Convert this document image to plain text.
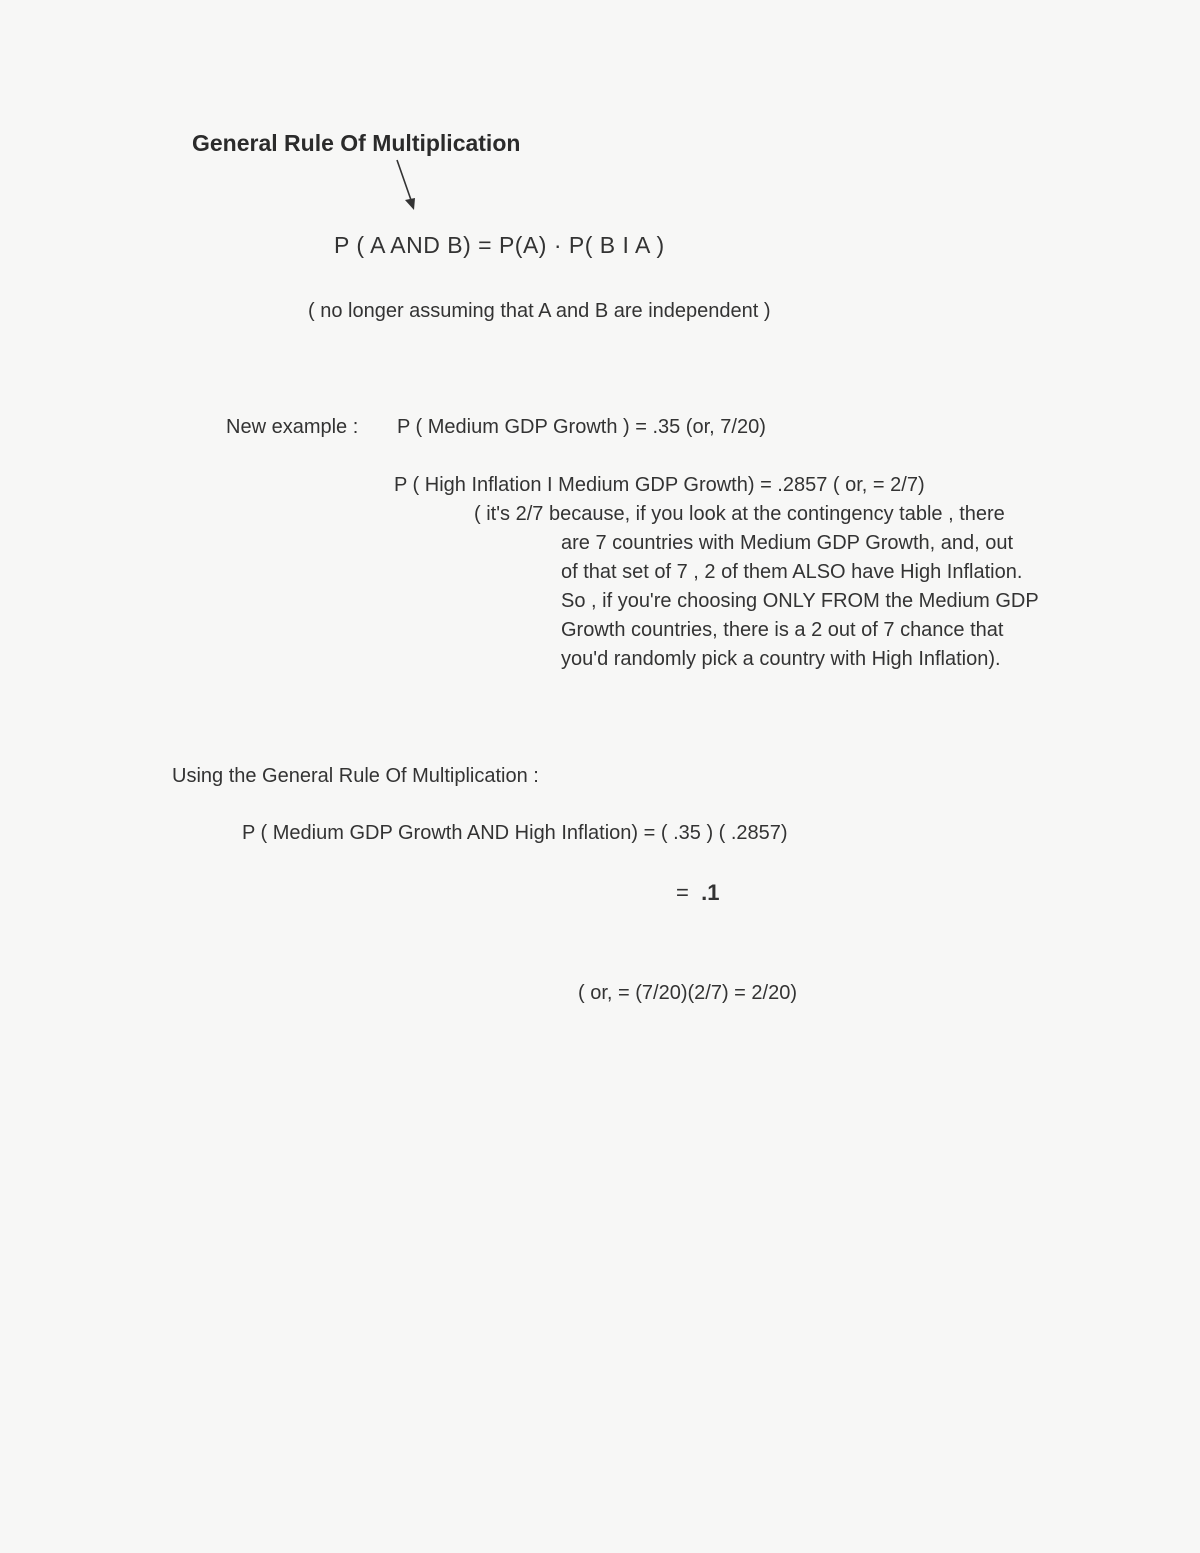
General Rule Of Multiplication
P ( A AND B) = P(A) · P( B I A )
( no longer assuming that A and B are independent )
New example : P ( Medium GDP Growth ) = .35 (or, 7/20)
P ( High Inflation I Medium GDP Growth) = .2857 ( or, = 2/7)
( it's 2/7 because, if you look at the contingency table , there
are 7 countries with Medium GDP Growth, and, out
of that set of 7 , 2 of them ALSO have High Inflation.
So , if you're choosing ONLY FROM the Medium GDP
Growth countries, there is a 2 out of 7 chance that
you'd randomly pick a country with High Inflation).
Using the General Rule Of Multiplication :
P ( Medium GDP Growth AND High Inflation) = ( .35 ) ( .2857)
= .1
( or, = (7/20)(2/7) = 2/20)
